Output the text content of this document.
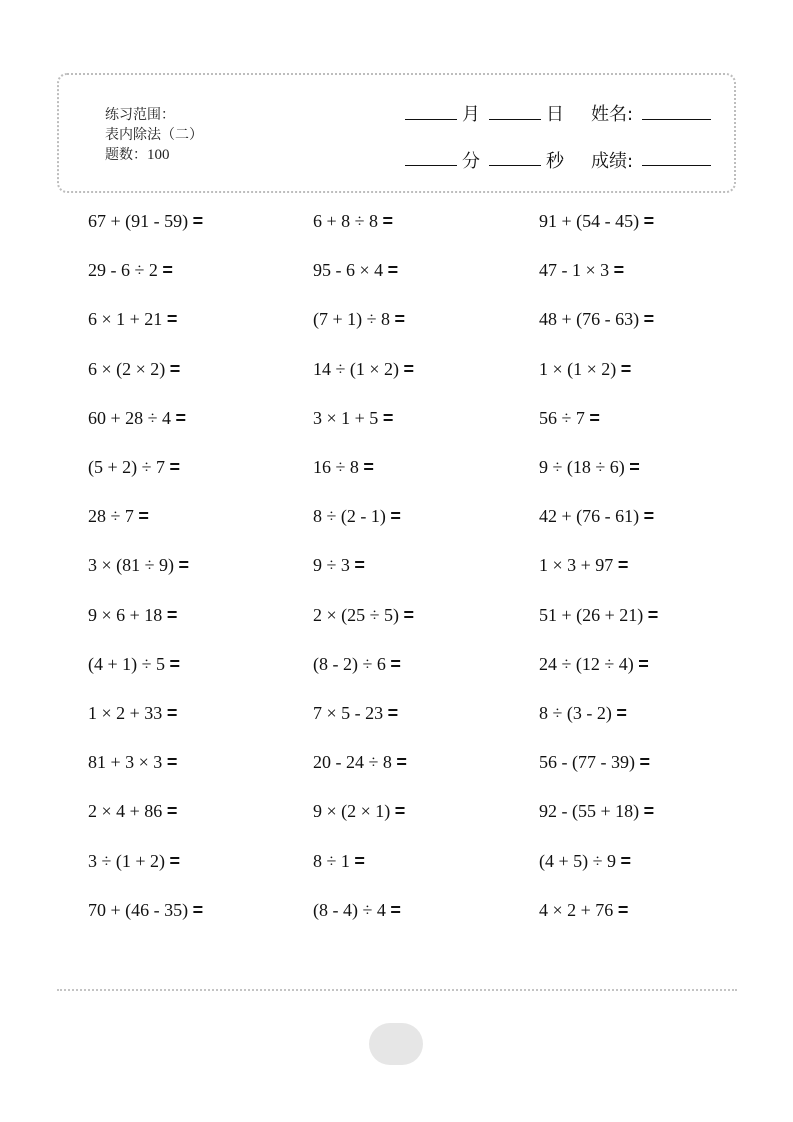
练习范围：
表内除法（二）
题数：100
月	日 姓名:
分	秒 成绩:
67 + (91 - 59) =	6 + 8 ÷ 8 =	91 + (54 - 45) =
29 - 6 ÷ 2 =	95 - 6 × 4 =	47 - 1 × 3 =
6 × 1 + 21 =	(7 + 1) ÷ 8 =	48 + (76 - 63) =
6 × (2 × 2) =	14 ÷ (1 × 2) =	1 × (1 × 2) =
60 + 28 ÷ 4 =	3 × 1 + 5 =	56 ÷ 7 =
(5 + 2) ÷ 7 =	16 ÷ 8 =	9 ÷ (18 ÷ 6) =
28 ÷ 7 =	8 ÷ (2 - 1) =	42 + (76 - 61) =
3 × (81 ÷ 9) =	9 ÷ 3 =	1 × 3 + 97 =
9 × 6 + 18 =	2 × (25 ÷ 5) =	51 + (26 + 21) =
(4 + 1) ÷ 5 =	(8 - 2) ÷ 6 =	24 ÷ (12 ÷ 4) =
1 × 2 + 33 =	7 × 5 - 23 =	8 ÷ (3 - 2) =
81 + 3 × 3 =	20 - 24 ÷ 8 =	56 - (77 - 39) =
2 × 4 + 86 =	9 × (2 × 1) =	92 - (55 + 18) =
3 ÷ (1 + 2) =	8 ÷ 1 =	(4 + 5) ÷ 9 =
70 + (46 - 35) =	(8 - 4) ÷ 4 =	4 × 2 + 76 =
